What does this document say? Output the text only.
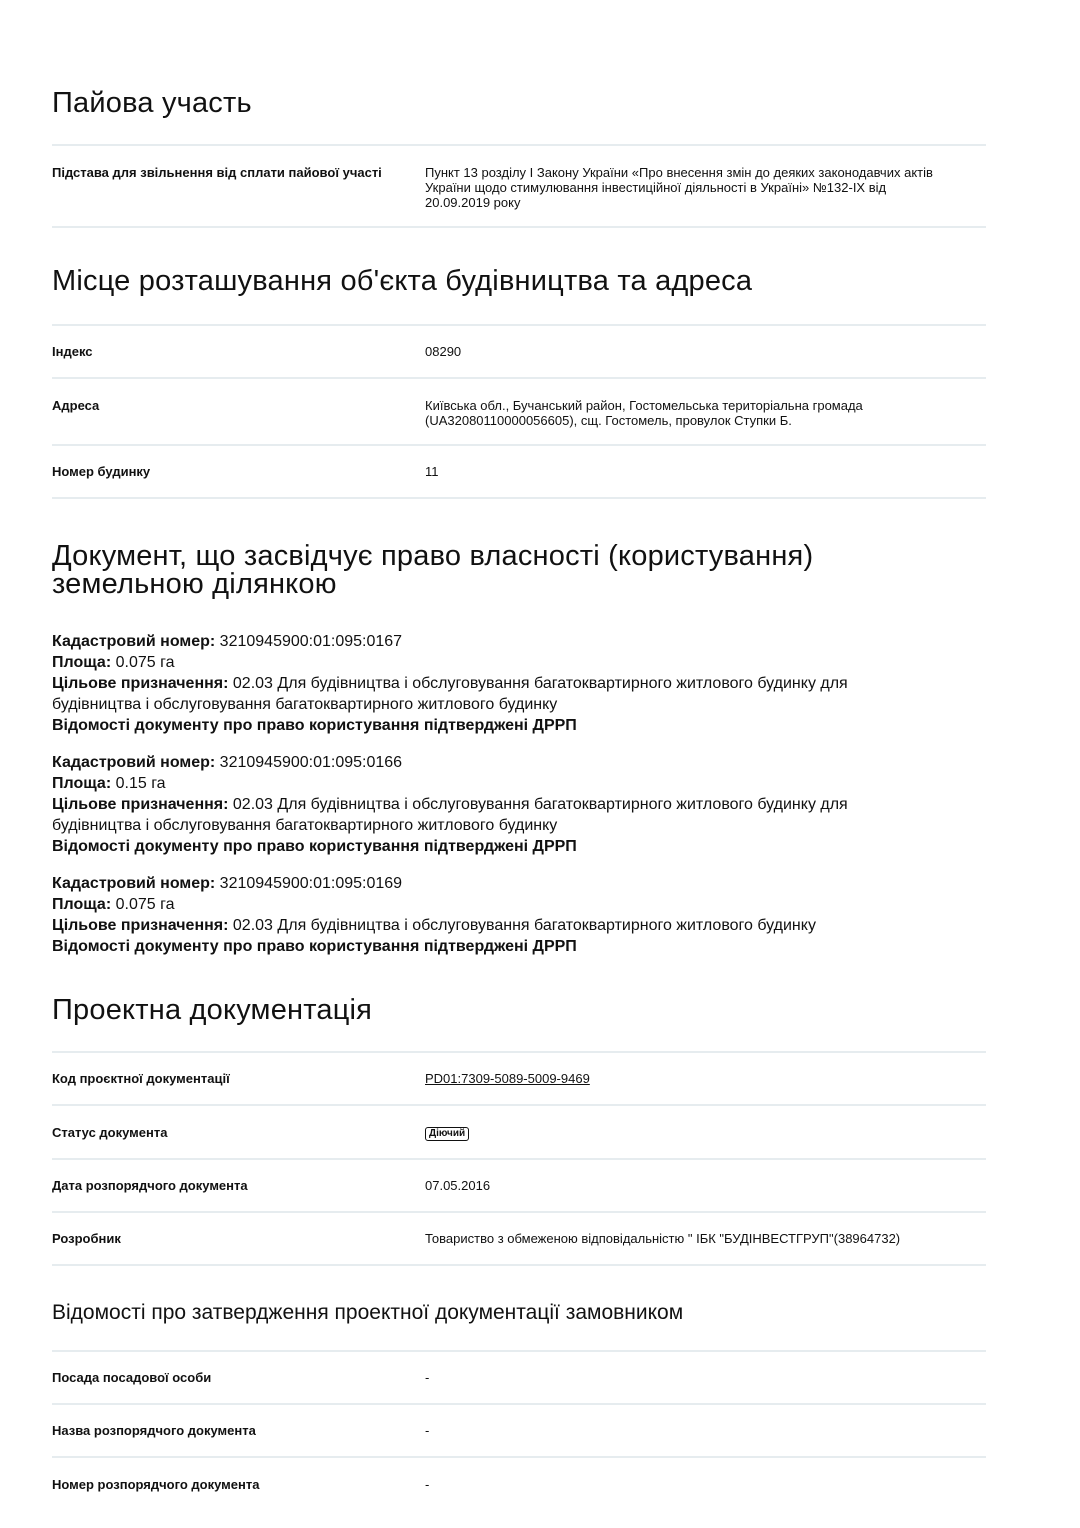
Пайова участь
Підстава для звільнення від сплати пайової участі	Пункт 13 розділу І Закону України «Про внесення змін до деяких законодавчих актів
України щодо стимулювання інвестиційної діяльності в Україні» №132-IX від
20.09.2019 року
Місце розташування об'єкта будівництва та адреса
Індекс	08290
Адреса	Київська обл., Бучанський район, Гостомельська територіальна громада
(UA32080110000056605), сщ. Гостомель, провулок Ступки Б.
Номер будинку	11
Документ, що засвідчує право власності (користування)
земельною ділянкою
Кадастровий номер: 3210945900:01:095:0167
Площа: 0.075 га
Цільове призначення: 02.03 Для будівництва і обслуговування багатоквартирного житлового будинку для
будівництва і обслуговування багатоквартирного житлового будинку
Відомості документу про право користування підтверджені ДРРП
Кадастровий номер: 3210945900:01:095:0166
Площа: 0.15 га
Цільове призначення: 02.03 Для будівництва і обслуговування багатоквартирного житлового будинку для
будівництва і обслуговування багатоквартирного житлового будинку
Відомості документу про право користування підтверджені ДРРП
Кадастровий номер: 3210945900:01:095:0169
Площа: 0.075 га
Цільове призначення: 02.03 Для будівництва і обслуговування багатоквартирного житлового будинку
Відомості документу про право користування підтверджені ДРРП
Проектна документація
Код проєктної документації	PD01:7309-5089-5009-9469
Статус документа	Діючий
Дата розпорядчого документа	07.05.2016
Розробник	Товариство з обмеженою відповідальністю " ІБК "БУДІНВЕСТГРУП"(38964732)
Відомості про затвердження проектної документації замовником
Посада посадової особи	-
Назва розпорядчого документа	-
Номер розпорядчого документа	-
